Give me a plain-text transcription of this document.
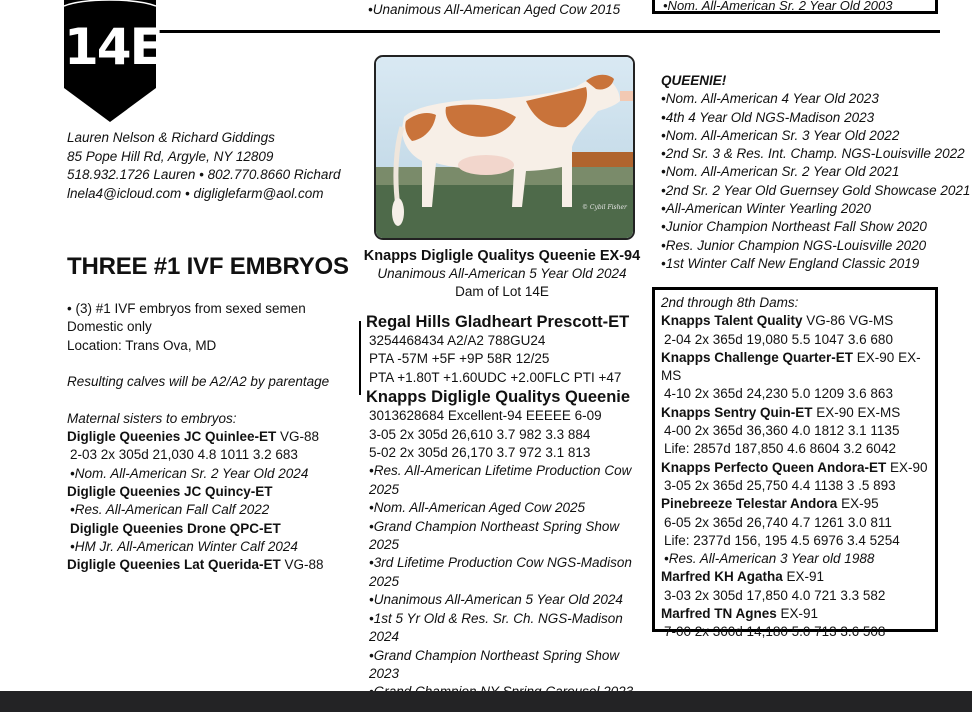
14E
•Unanimous All-American Aged Cow 2015	•Nom. All-American Sr. 2 Year Old 2003
Lauren Nelson & Richard Giddings
85 Pope Hill Rd, Argyle, NY 12809
518.932.1726 Lauren • 802.770.8660 Richard
lnela4@icloud.com • digliglefarm@aol.com
THREE #1 IVF EMBRYOS
• (3) #1 IVF embryos from sexed semen
Domestic only
Location: Trans Ova, MD
Resulting calves will be A2/A2 by parentage
Maternal sisters to embryos:
Digligle Queenies JC Quinlee-ET VG-88
2-03 2x 305d 21,030 4.8 1011 3.2 683
•Nom. All-American Sr. 2 Year Old 2024
Digligle Queenies JC Quincy-ET
•Res. All-American Fall Calf 2022
Digligle Queenies Drone QPC-ET
•HM Jr. All-American Winter Calf 2024
Digligle Queenies Lat Querida-ET VG-88
© Cybil Fisher
Knapps Digligle Qualitys Queenie EX-94
Unanimous All-American 5 Year Old 2024
Dam of Lot 14E
Regal Hills Gladheart Prescott-ET
3254468434 A2/A2 788GU24
PTA -57M +5F +9P 58R 12/25
PTA +1.80T +1.60UDC +2.00FLC PTI +47
Knapps Digligle Qualitys Queenie
3013628684 Excellent-94 EEEEE 6-09
3-05 2x 305d 26,610 3.7 982 3.3 884
5-02 2x 305d 26,170 3.7 972 3.1 813
•Res. All-American Lifetime Production Cow 2025
•Nom. All-American Aged Cow 2025
•Grand Champion Northeast Spring Show 2025
•3rd Lifetime Production Cow NGS-Madison 2025
•Unanimous All-American 5 Year Old 2024
•1st 5 Yr Old & Res. Sr. Ch. NGS-Madison 2024
•Grand Champion Northeast Spring Show 2023
QUEENIE!
•Nom. All-American 4 Year Old 2023
•4th 4 Year Old NGS-Madison 2023
•Nom. All-American Sr. 3 Year Old 2022
•2nd Sr. 3 & Res. Int. Champ. NGS-Louisville 2022
•Nom. All-American Sr. 2 Year Old 2021
•2nd Sr. 2 Year Old Guernsey Gold Showcase 2021
•All-American Winter Yearling 2020
•Junior Champion Northeast Fall Show 2020
•Res. Junior Champion NGS-Louisville 2020
•1st Winter Calf New England Classic 2019
2nd through 8th Dams:
Knapps Talent Quality VG-86 VG-MS
2-04 2x 365d 19,080 5.5 1047 3.6 680
Knapps Challenge Quarter-ET EX-90 EX-MS
4-10 2x 365d 24,230 5.0 1209 3.6 863
Knapps Sentry Quin-ET EX-90 EX-MS
4-00 2x 365d 36,360 4.0 1812 3.1 1135
Life: 2857d 187,850 4.6 8604 3.2 6042
Knapps Perfecto Queen Andora-ET EX-90
3-05 2x 365d 25,750 4.4 1138 3 .5 893
Pinebreeze Telestar Andora EX-95
6-05 2x 365d 26,740 4.7 1261 3.0 811
Life: 2377d 156, 195 4.5 6976 3.4 5254
•Res. All-American 3 Year old 1988
Marfred KH Agatha EX-91
3-03 2x 305d 17,850 4.0 721 3.3 582
Marfred TN Agnes EX-91
7-00 2x 360d 14,180 5.0 713 3.6 508
